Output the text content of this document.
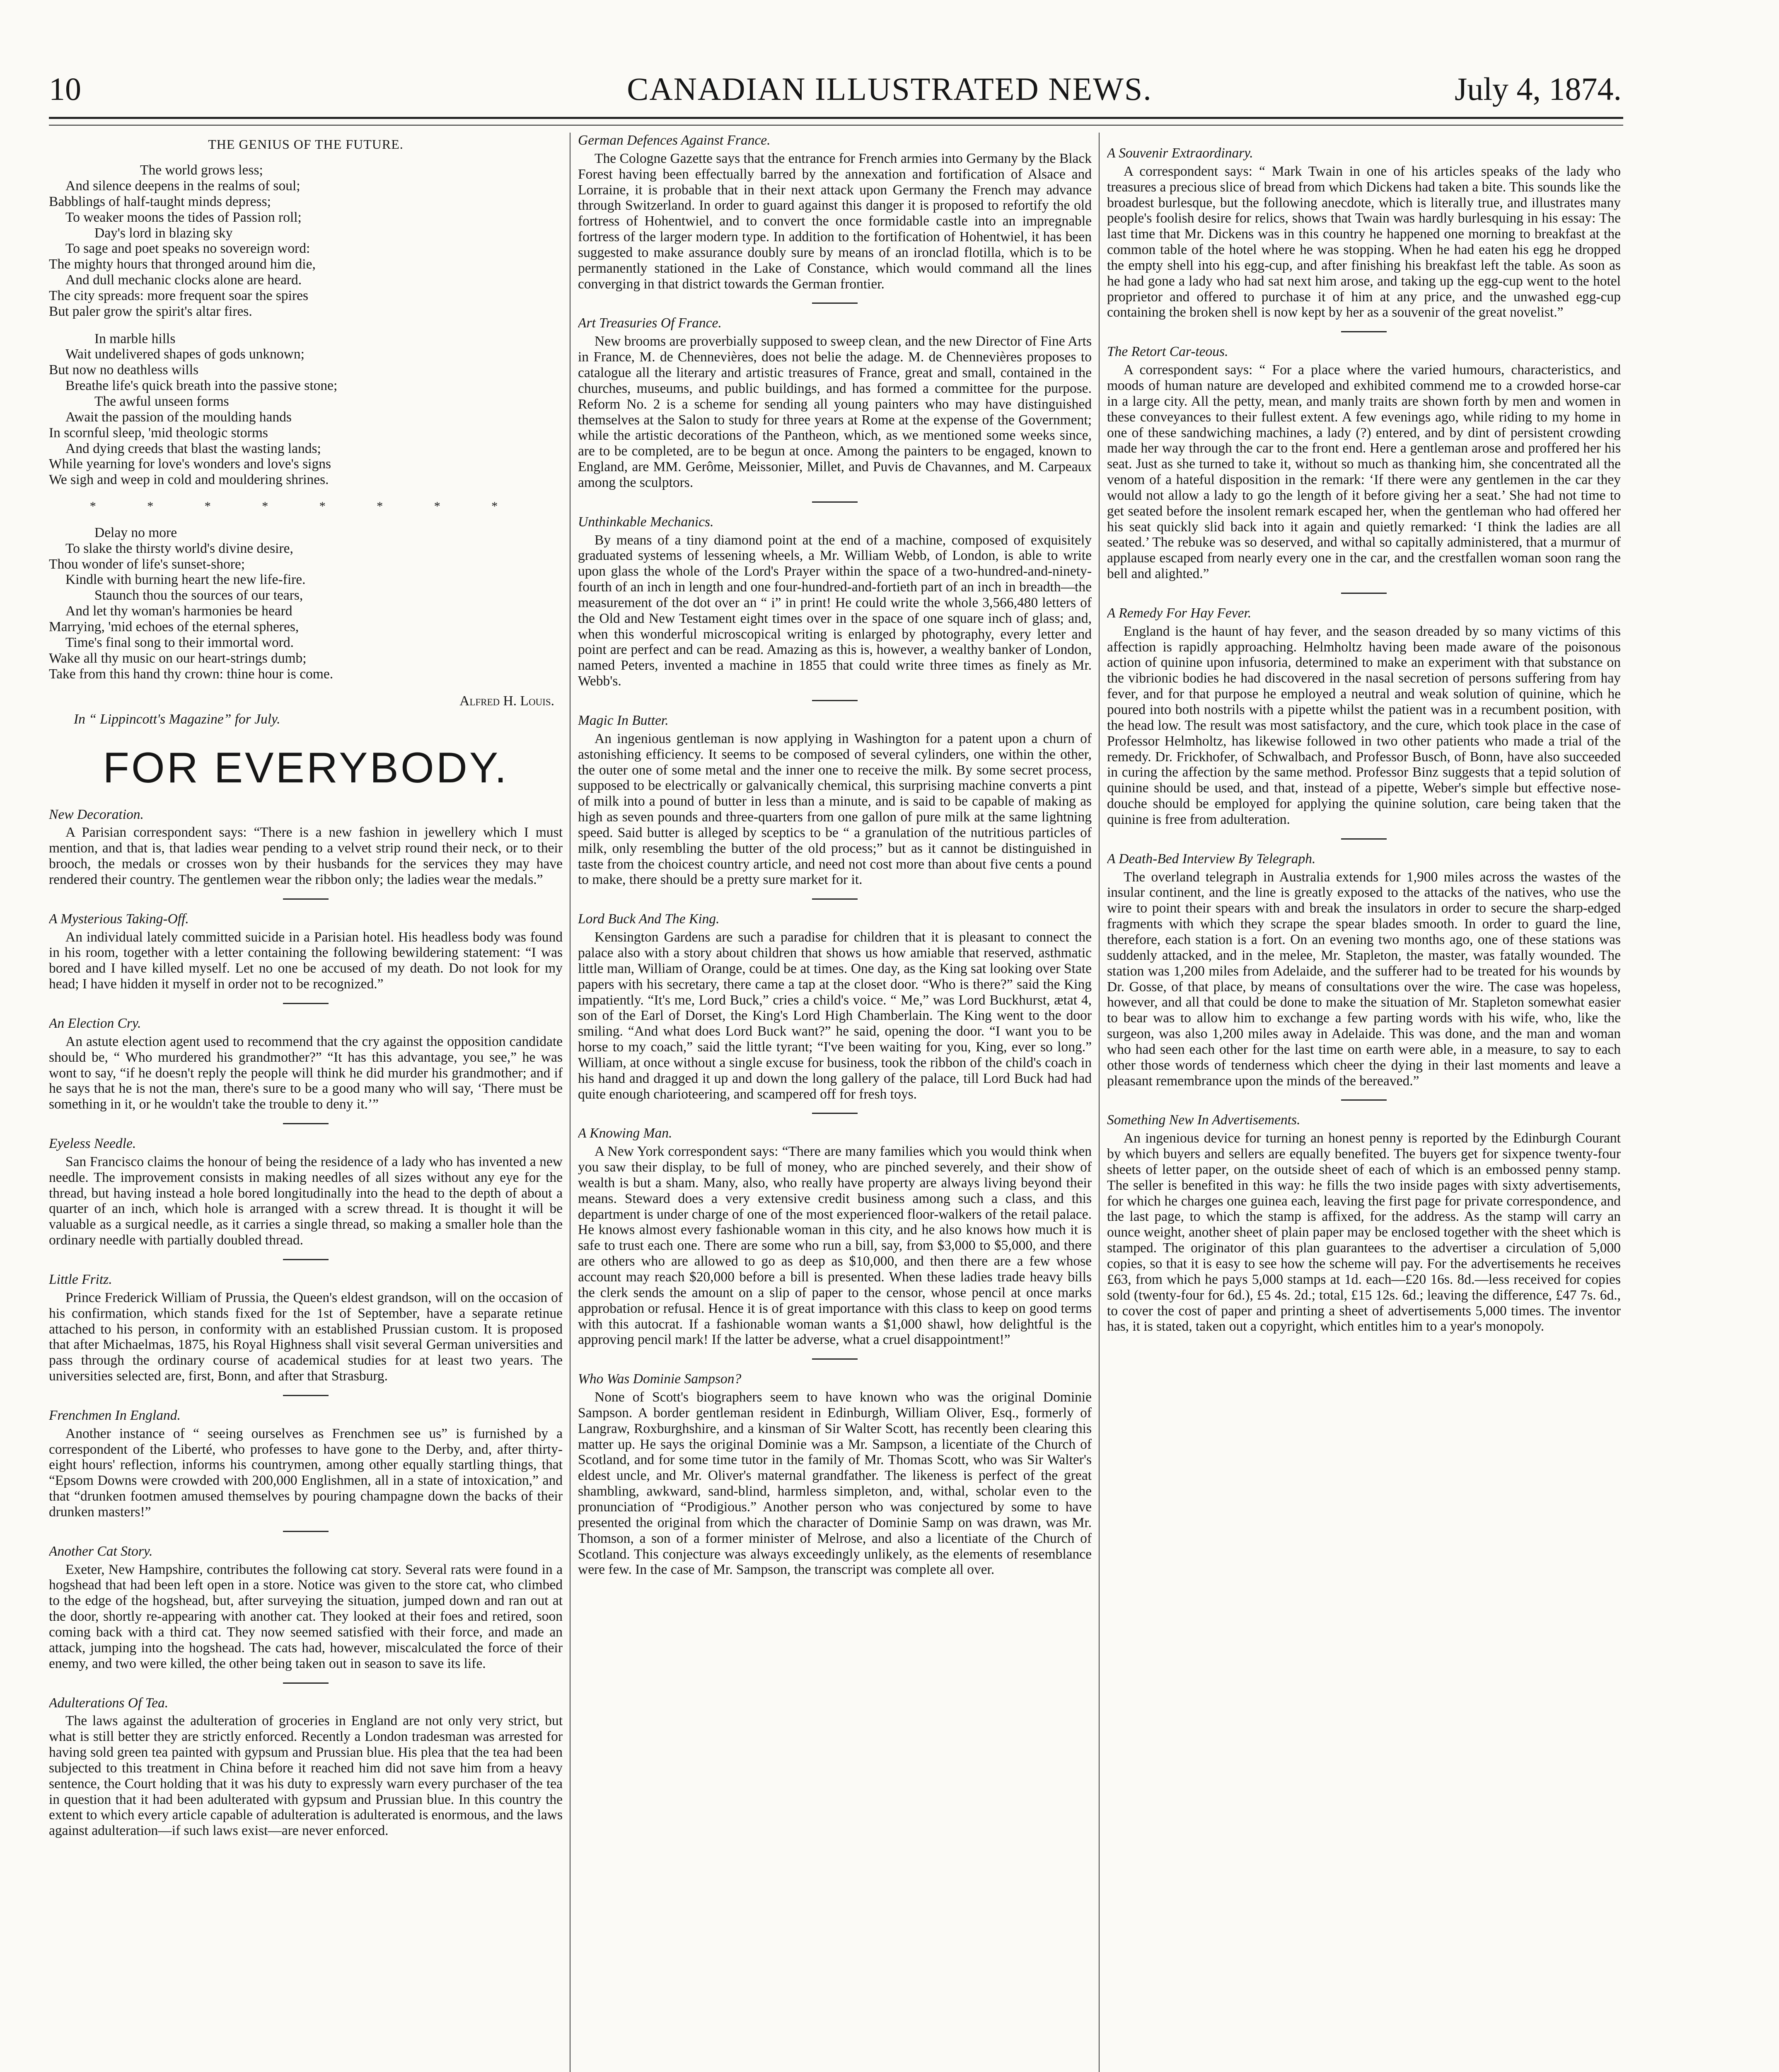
10	CANADIAN ILLUSTRATED NEWS.	July 4, 1874.
THE GENIUS OF THE FUTURE.

The world grows less;

And silence deepens in the realms of soul;

Babblings of half-taught minds depress;

To weaker moons the tides of Passion roll;

Day's lord in blazing sky

To sage and poet speaks no sovereign word:

The mighty hours that thronged around him die,

And dull mechanic clocks alone are heard.

The city spreads: more frequent soar the spires

But paler grow the spirit's altar fires.

In marble hills

Wait undelivered shapes of gods unknown;

But now no deathless wills

Breathe life's quick breath into the passive stone;

The awful unseen forms

Await the passion of the moulding hands

In scornful sleep, 'mid theologic storms

And dying creeds that blast the wasting lands;

While yearning for love's wonders and love's signs

We sigh and weep in cold and mouldering shrines.

* * * * * * * *

Delay no more

To slake the thirsty world's divine desire,

Thou wonder of life's sunset-shore;

Kindle with burning heart the new life-fire.

Staunch thou the sources of our tears,

And let thy woman's harmonies be heard

Marrying, 'mid echoes of the eternal spheres,

Time's final song to their immortal word.

Wake all thy music on our heart-strings dumb;

Take from this hand thy crown: thine hour is come.

Alfred H. Louis.
In “ Lippincott's Magazine” for July.
FOR EVERYBODY.

New Decoration.

A Parisian correspondent says: “There is a new fashion in jewellery which I must mention, and that is, that ladies wear pending to a velvet strip round their neck, or to their brooch, the medals or crosses won by their husbands for the services they may have rendered their country. The gentlemen wear the ribbon only; the ladies wear the medals.”

A Mysterious Taking-Off.

An individual lately committed suicide in a Parisian hotel. His headless body was found in his room, together with a letter containing the following bewildering statement: “I was bored and I have killed myself. Let no one be accused of my death. Do not look for my head; I have hidden it myself in order not to be recognized.”

An Election Cry.

An astute election agent used to recommend that the cry against the opposition candidate should be, “ Who murdered his grandmother?” “It has this advantage, you see,” he was wont to say, “if he doesn't reply the people will think he did murder his grandmother; and if he says that he is not the man, there's sure to be a good many who will say, ‘There must be something in it, or he wouldn't take the trouble to deny it.’”

Eyeless Needle.

San Francisco claims the honour of being the residence of a lady who has invented a new needle. The improvement consists in making needles of all sizes without any eye for the thread, but having instead a hole bored longitudinally into the head to the depth of about a quarter of an inch, which hole is arranged with a screw thread. It is thought it will be valuable as a surgical needle, as it carries a single thread, so making a smaller hole than the ordinary needle with partially doubled thread.

Little Fritz.

Prince Frederick William of Prussia, the Queen's eldest grandson, will on the occasion of his confirmation, which stands fixed for the 1st of September, have a separate retinue attached to his person, in conformity with an established Prussian custom. It is proposed that after Michaelmas, 1875, his Royal Highness shall visit several German universities and pass through the ordinary course of academical studies for at least two years. The universities selected are, first, Bonn, and after that Strasburg.

Frenchmen In England.

Another instance of “ seeing ourselves as Frenchmen see us” is furnished by a correspondent of the Liberté, who professes to have gone to the Derby, and, after thirty-eight hours' reflection, informs his countrymen, among other equally startling things, that “Epsom Downs were crowded with 200,000 Englishmen, all in a state of intoxication,” and that “drunken footmen amused themselves by pouring champagne down the backs of their drunken masters!”

Another Cat Story.

Exeter, New Hampshire, contributes the following cat story. Several rats were found in a hogshead that had been left open in a store. Notice was given to the store cat, who climbed to the edge of the hogshead, but, after surveying the situation, jumped down and ran out at the door, shortly re-appearing with another cat. They looked at their foes and retired, soon coming back with a third cat. They now seemed satisfied with their force, and made an attack, jumping into the hogshead. The cats had, however, miscalculated the force of their enemy, and two were killed, the other being taken out in season to save its life.

Adulterations Of Tea.

The laws against the adulteration of groceries in England are not only very strict, but what is still better they are strictly enforced. Recently a London tradesman was arrested for having sold green tea painted with gypsum and Prussian blue. His plea that the tea had been subjected to this treatment in China before it reached him did not save him from a heavy sentence, the Court holding that it was his duty to expressly warn every purchaser of the tea in question that it had been adulterated with gypsum and Prussian blue. In this country the extent to which every article capable of adulteration is adulterated is enormous, and the laws against adulteration—if such laws exist—are never enforced.

German Defences Against France.

The Cologne Gazette says that the entrance for French armies into Germany by the Black Forest having been effectually barred by the annexation and fortification of Alsace and Lorraine, it is probable that in their next attack upon Germany the French may advance through Switzerland. In order to guard against this danger it is proposed to refortify the old fortress of Hohentwiel, and to convert the once formidable castle into an impregnable fortress of the larger modern type. In addition to the fortification of Hohentwiel, it has been suggested to make assurance doubly sure by means of an ironclad flotilla, which is to be permanently stationed in the Lake of Constance, which would command all the lines converging in that district towards the German frontier.

Art Treasuries Of France.

New brooms are proverbially supposed to sweep clean, and the new Director of Fine Arts in France, M. de Chennevières, does not belie the adage. M. de Chennevières proposes to catalogue all the literary and artistic treasures of France, great and small, contained in the churches, museums, and public buildings, and has formed a committee for the purpose. Reform No. 2 is a scheme for sending all young painters who may have distinguished themselves at the Salon to study for three years at Rome at the expense of the Government; while the artistic decorations of the Pantheon, which, as we mentioned some weeks since, are to be completed, are to be begun at once. Among the painters to be engaged, known to England, are MM. Gerôme, Meissonier, Millet, and Puvis de Chavannes, and M. Carpeaux among the sculptors.

Unthinkable Mechanics.

By means of a tiny diamond point at the end of a machine, composed of exquisitely graduated systems of lessening wheels, a Mr. William Webb, of London, is able to write upon glass the whole of the Lord's Prayer within the space of a two-hundred-and-ninety-fourth of an inch in length and one four-hundred-and-fortieth part of an inch in breadth—the measurement of the dot over an “ i” in print! He could write the whole 3,566,480 letters of the Old and New Testament eight times over in the space of one square inch of glass; and, when this wonderful microscopical writing is enlarged by photography, every letter and point are perfect and can be read. Amazing as this is, however, a wealthy banker of London, named Peters, invented a machine in 1855 that could write three times as finely as Mr. Webb's.

Magic In Butter.

An ingenious gentleman is now applying in Washington for a patent upon a churn of astonishing efficiency. It seems to be composed of several cylinders, one within the other, the outer one of some metal and the inner one to receive the milk. By some secret process, supposed to be electrically or galvanically chemical, this surprising machine converts a pint of milk into a pound of butter in less than a minute, and is said to be capable of making as high as seven pounds and three-quarters from one gallon of pure milk at the same lightning speed. Said butter is alleged by sceptics to be “ a granulation of the nutritious particles of milk, only resembling the butter of the old process;” but as it cannot be distinguished in taste from the choicest country article, and need not cost more than about five cents a pound to make, there should be a pretty sure market for it.

Lord Buck And The King.

Kensington Gardens are such a paradise for children that it is pleasant to connect the palace also with a story about children that shows us how amiable that reserved, asthmatic little man, William of Orange, could be at times. One day, as the King sat looking over State papers with his secretary, there came a tap at the closet door. “Who is there?” said the King impatiently. “It's me, Lord Buck,” cries a child's voice. “ Me,” was Lord Buckhurst, ætat 4, son of the Earl of Dorset, the King's Lord High Chamberlain. The King went to the door smiling. “And what does Lord Buck want?” he said, opening the door. “I want you to be horse to my coach,” said the little tyrant; “I've been waiting for you, King, ever so long.” William, at once without a single excuse for business, took the ribbon of the child's coach in his hand and dragged it up and down the long gallery of the palace, till Lord Buck had had quite enough charioteering, and scampered off for fresh toys.

A Knowing Man.

A New York correspondent says: “There are many families which you would think when you saw their display, to be full of money, who are pinched severely, and their show of wealth is but a sham. Many, also, who really have property are always living beyond their means. Steward does a very extensive credit business among such a class, and this department is under charge of one of the most experienced floor-walkers of the retail palace. He knows almost every fashionable woman in this city, and he also knows how much it is safe to trust each one. There are some who run a bill, say, from $3,000 to $5,000, and there are others who are allowed to go as deep as $10,000, and then there are a few whose account may reach $20,000 before a bill is presented. When these ladies trade heavy bills the clerk sends the amount on a slip of paper to the censor, whose pencil at once marks approbation or refusal. Hence it is of great importance with this class to keep on good terms with this autocrat. If a fashionable woman wants a $1,000 shawl, how delightful is the approving pencil mark! If the latter be adverse, what a cruel disappointment!”

Who Was Dominie Sampson?

None of Scott's biographers seem to have known who was the original Dominie Sampson. A border gentleman resident in Edinburgh, William Oliver, Esq., formerly of Langraw, Roxburghshire, and a kinsman of Sir Walter Scott, has recently been clearing this matter up. He says the original Dominie was a Mr. Sampson, a licentiate of the Church of Scotland, and for some time tutor in the family of Mr. Thomas Scott, who was Sir Walter's eldest uncle, and Mr. Oliver's maternal grandfather. The likeness is perfect of the great shambling, awkward, sand-blind, harmless simpleton, and, withal, scholar even to the pronunciation of “Prodigious.” Another person who was conjectured by some to have presented the original from which the character of Dominie Samp on was drawn, was Mr. Thomson, a son of a former minister of Melrose, and also a licentiate of the Church of Scotland. This conjecture was always exceedingly unlikely, as the elements of resemblance were few. In the case of Mr. Sampson, the transcript was complete all over.

A Souvenir Extraordinary.

A correspondent says: “ Mark Twain in one of his articles speaks of the lady who treasures a precious slice of bread from which Dickens had taken a bite. This sounds like the broadest burlesque, but the following anecdote, which is literally true, and illustrates many people's foolish desire for relics, shows that Twain was hardly burlesquing in his essay: The last time that Mr. Dickens was in this country he happened one morning to breakfast at the common table of the hotel where he was stopping. When he had eaten his egg he dropped the empty shell into his egg-cup, and after finishing his breakfast left the table. As soon as he had gone a lady who had sat next him arose, and taking up the egg-cup went to the hotel proprietor and offered to purchase it of him at any price, and the unwashed egg-cup containing the broken shell is now kept by her as a souvenir of the great novelist.”

The Retort Car-teous.

A correspondent says: “ For a place where the varied humours, characteristics, and moods of human nature are developed and exhibited commend me to a crowded horse-car in a large city. All the petty, mean, and manly traits are shown forth by men and women in these conveyances to their fullest extent. A few evenings ago, while riding to my home in one of these sandwiching machines, a lady (?) entered, and by dint of persistent crowding made her way through the car to the front end. Here a gentleman arose and proffered her his seat. Just as she turned to take it, without so much as thanking him, she concentrated all the venom of a hateful disposition in the remark: ‘If there were any gentlemen in the car they would not allow a lady to go the length of it before giving her a seat.’ She had not time to get seated before the insolent remark escaped her, when the gentleman who had offered her his seat quickly slid back into it again and quietly remarked: ‘I think the ladies are all seated.’ The rebuke was so deserved, and withal so capitally administered, that a murmur of applause escaped from nearly every one in the car, and the crestfallen woman soon rang the bell and alighted.”

A Remedy For Hay Fever.

England is the haunt of hay fever, and the season dreaded by so many victims of this affection is rapidly approaching. Helmholtz having been made aware of the poisonous action of quinine upon infusoria, determined to make an experiment with that substance on the vibrionic bodies he had discovered in the nasal secretion of persons suffering from hay fever, and for that purpose he employed a neutral and weak solution of quinine, which he poured into both nostrils with a pipette whilst the patient was in a recumbent position, with the head low. The result was most satisfactory, and the cure, which took place in the case of Professor Helmholtz, has likewise followed in two other patients who made a trial of the remedy. Dr. Frickhofer, of Schwalbach, and Professor Busch, of Bonn, have also succeeded in curing the affection by the same method. Professor Binz suggests that a tepid solution of quinine should be used, and that, instead of a pipette, Weber's simple but effective nose-douche should be employed for applying the quinine solution, care being taken that the quinine is free from adulteration.

A Death-Bed Interview By Telegraph.

The overland telegraph in Australia extends for 1,900 miles across the wastes of the insular continent, and the line is greatly exposed to the attacks of the natives, who use the wire to point their spears with and break the insulators in order to secure the sharp-edged fragments with which they scrape the spear blades smooth. In order to guard the line, therefore, each station is a fort. On an evening two months ago, one of these stations was suddenly attacked, and in the melee, Mr. Stapleton, the master, was fatally wounded. The station was 1,200 miles from Adelaide, and the sufferer had to be treated for his wounds by Dr. Gosse, of that place, by means of consultations over the wire. The case was hopeless, however, and all that could be done to make the situation of Mr. Stapleton somewhat easier to bear was to allow him to exchange a few parting words with his wife, who, like the surgeon, was also 1,200 miles away in Adelaide. This was done, and the man and woman who had seen each other for the last time on earth were able, in a measure, to say to each other those words of tenderness which cheer the dying in their last moments and leave a pleasant remembrance upon the minds of the bereaved.”

Something New In Advertisements.

An ingenious device for turning an honest penny is reported by the Edinburgh Courant by which buyers and sellers are equally benefited. The buyers get for sixpence twenty-four sheets of letter paper, on the outside sheet of each of which is an embossed penny stamp. The seller is benefited in this way: he fills the two inside pages with sixty advertisements, for which he charges one guinea each, leaving the first page for private correspondence, and the last page, to which the stamp is affixed, for the address. As the stamp will carry an ounce weight, another sheet of plain paper may be enclosed together with the sheet which is stamped. The originator of this plan guarantees to the advertiser a circulation of 5,000 copies, so that it is easy to see how the scheme will pay. For the advertisements he receives £63, from which he pays 5,000 stamps at 1d. each—£20 16s. 8d.—less received for copies sold (twenty-four for 6d.), £5 4s. 2d.; total, £15 12s. 6d.; leaving the difference, £47 7s. 6d., to cover the cost of paper and printing a sheet of advertisements 5,000 times. The inventor has, it is stated, taken out a copyright, which entitles him to a year's monopoly.
